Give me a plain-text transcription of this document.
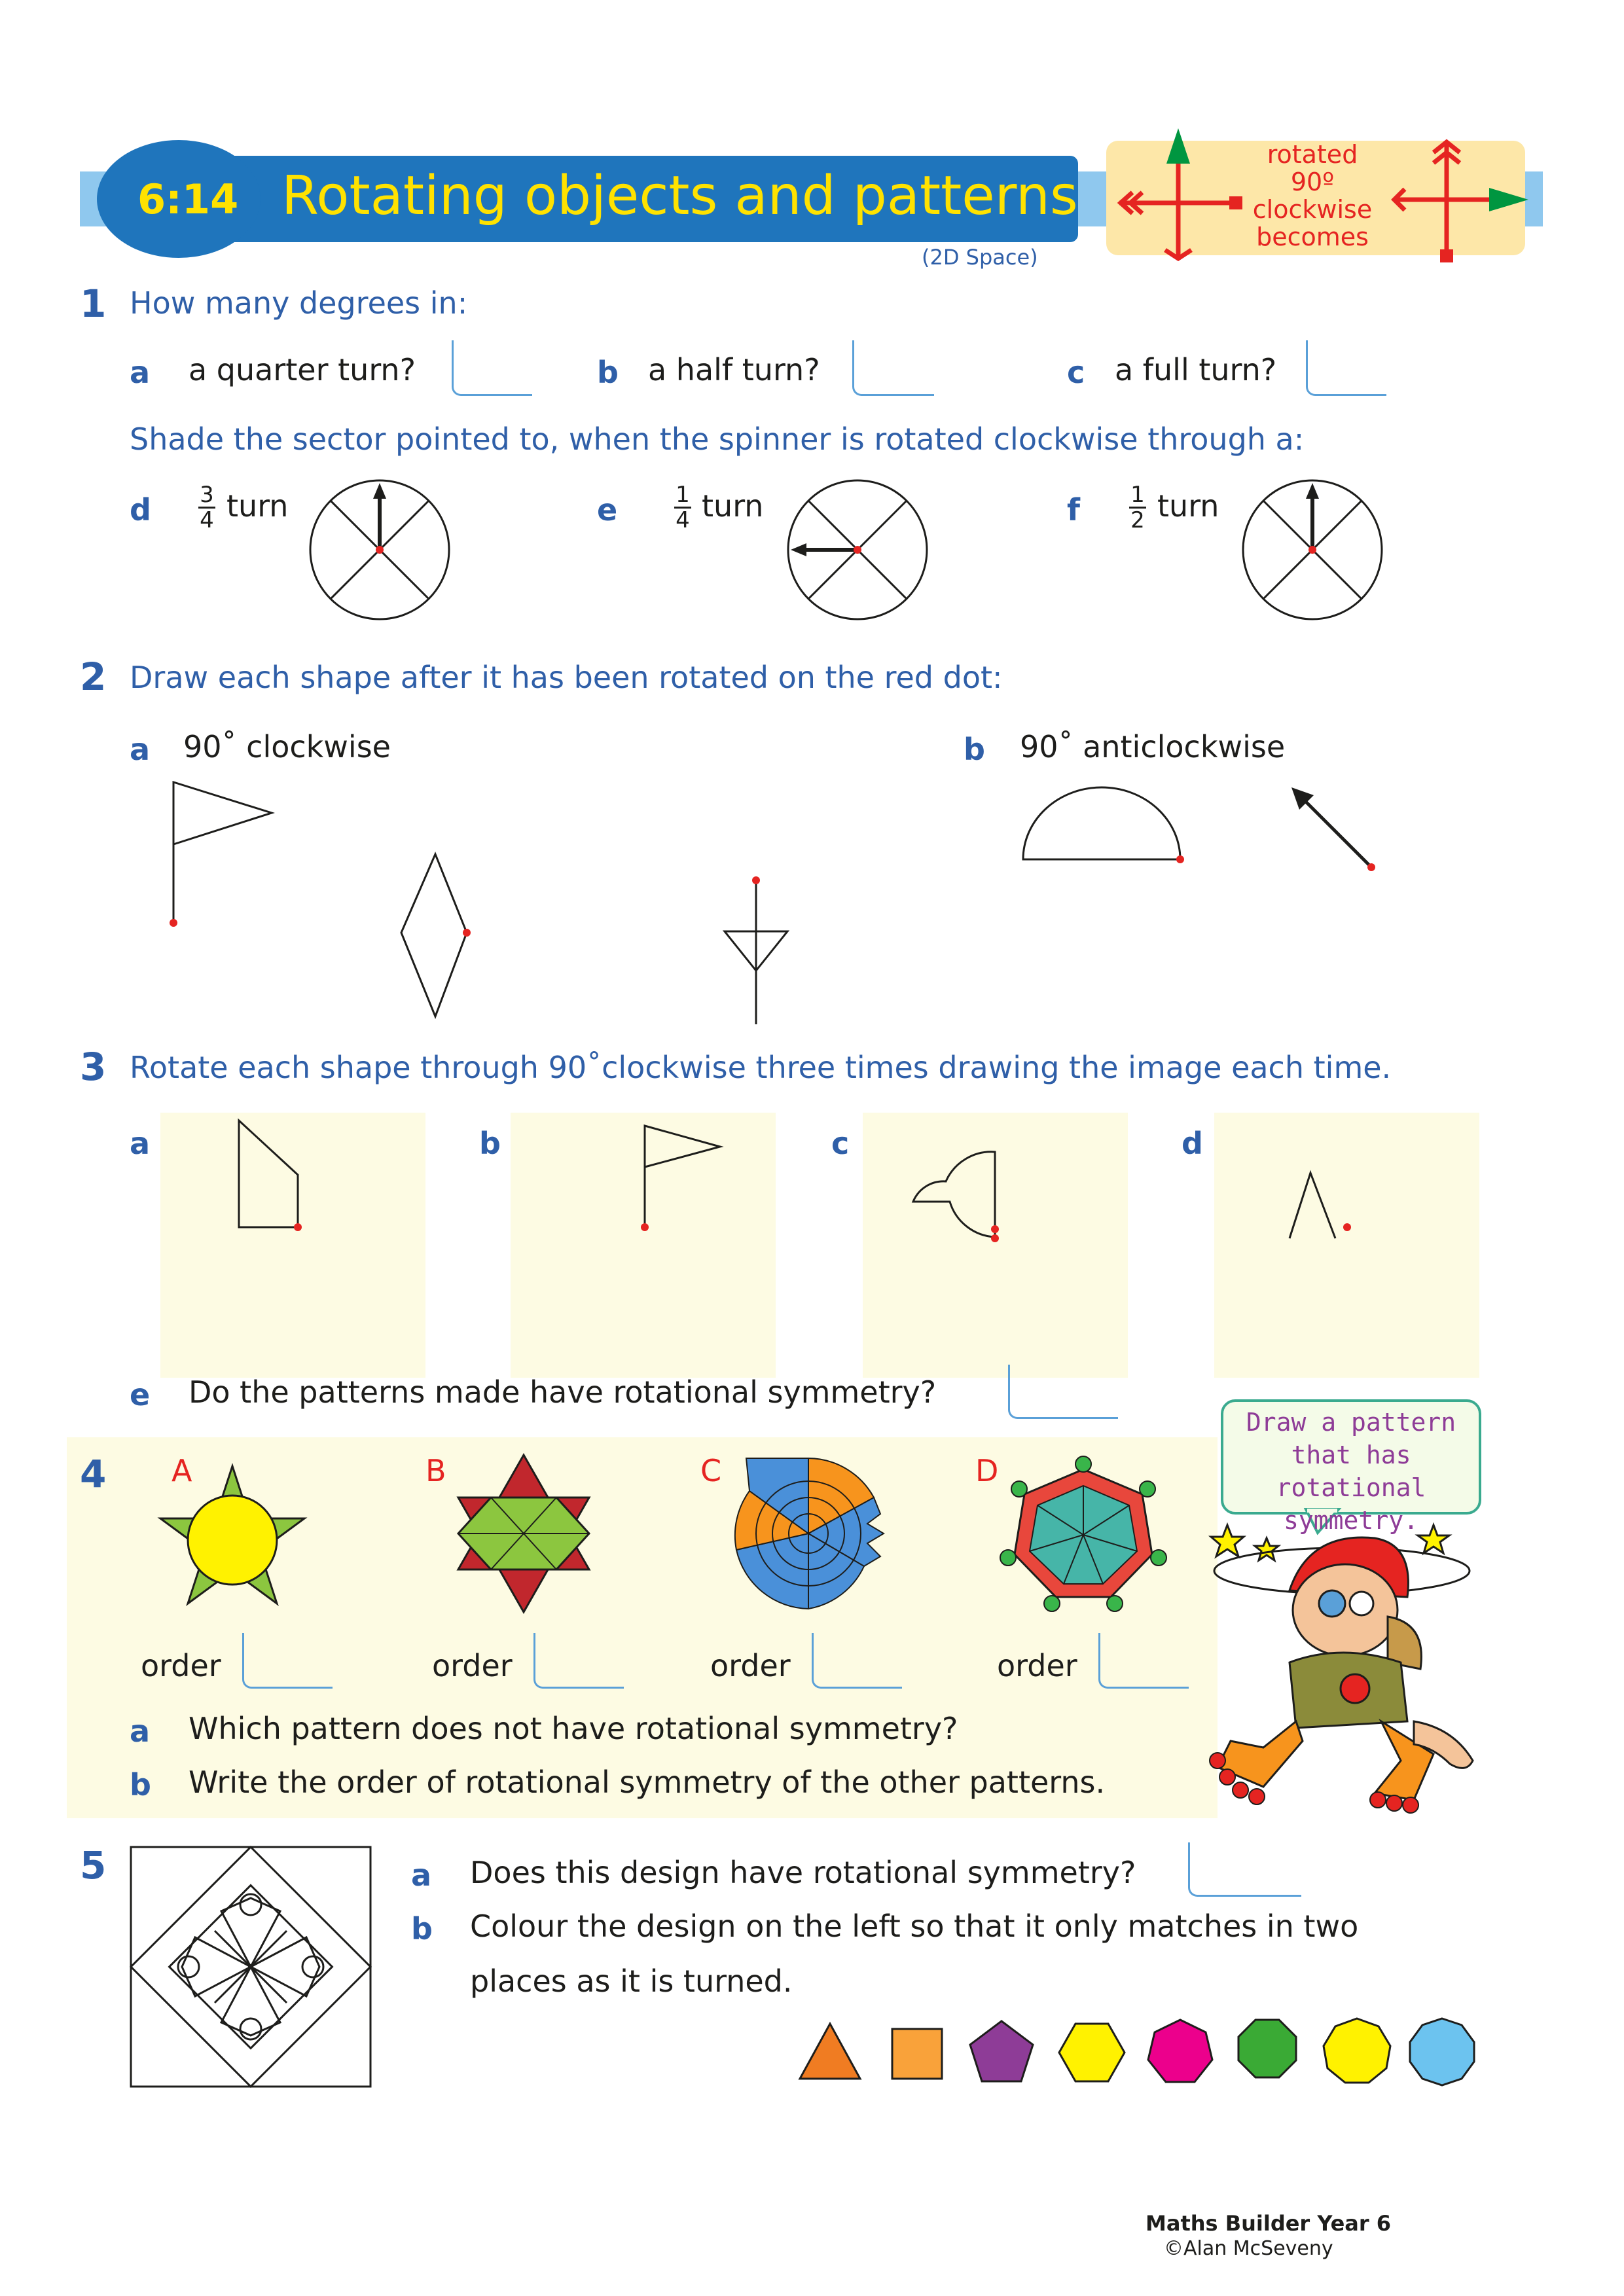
6:14 Rotating objects and patterns
(2D Space)
rotated
90º
clockwise
becomes
1 How many degrees in:
a a quarter turn?	b a half turn?	c a full turn?
Shade the sector pointed to, when the spinner is rotated clockwise through a:
d 3
4 turn	e	1
4 turn	f 1
2 turn
2 Draw each shape after it has been rotated on the red dot:
a 90˚ clockwise	b 90˚ anticlockwise
3 Rotate each shape through 90˚clockwise three times drawing the image each time.
a	b	c	d
e Do the patterns made have rotational symmetry?
4 A	B	C	D
order	order	order	order
a Which pattern does not have rotational symmetry?
b Write the order of rotational symmetry of the other patterns.
Draw a pattern
that has rotational
symmetry.
5	a Does this design have rotational symmetry?
b Colour the design on the left so that it only matches in two
places as it is turned.
Maths Builder Year 6
©Alan McSeveny
